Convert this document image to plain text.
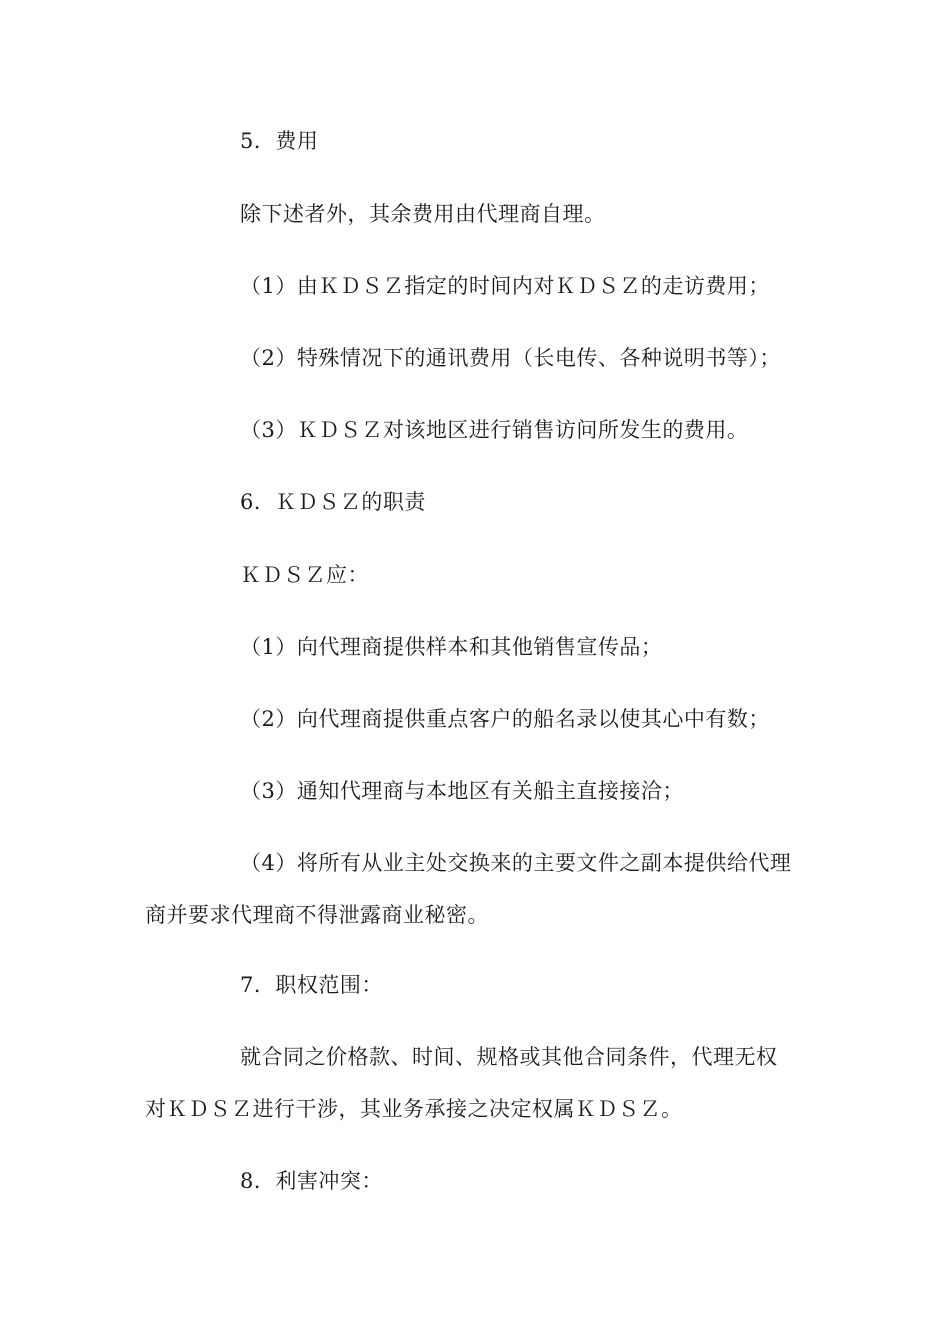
5．费用
除下述者外，其余费用由代理商自理。
（1）由ＫＤＳＺ指定的时间内对ＫＤＳＺ的走访费用；
（2）特殊情况下的通讯费用（长电传、各种说明书等）；
（3）ＫＤＳＺ对该地区进行销售访问所发生的费用。
6．ＫＤＳＺ的职责
ＫＤＳＺ应：
（1）向代理商提供样本和其他销售宣传品；
（2）向代理商提供重点客户的船名录以使其心中有数；
（3）通知代理商与本地区有关船主直接接洽；
（4）将所有从业主处交换来的主要文件之副本提供给代理
商并要求代理商不得泄露商业秘密。
7．职权范围：
就合同之价格款、时间、规格或其他合同条件，代理无权
对ＫＤＳＺ进行干涉，其业务承接之决定权属ＫＤＳＺ。
8．利害冲突：
